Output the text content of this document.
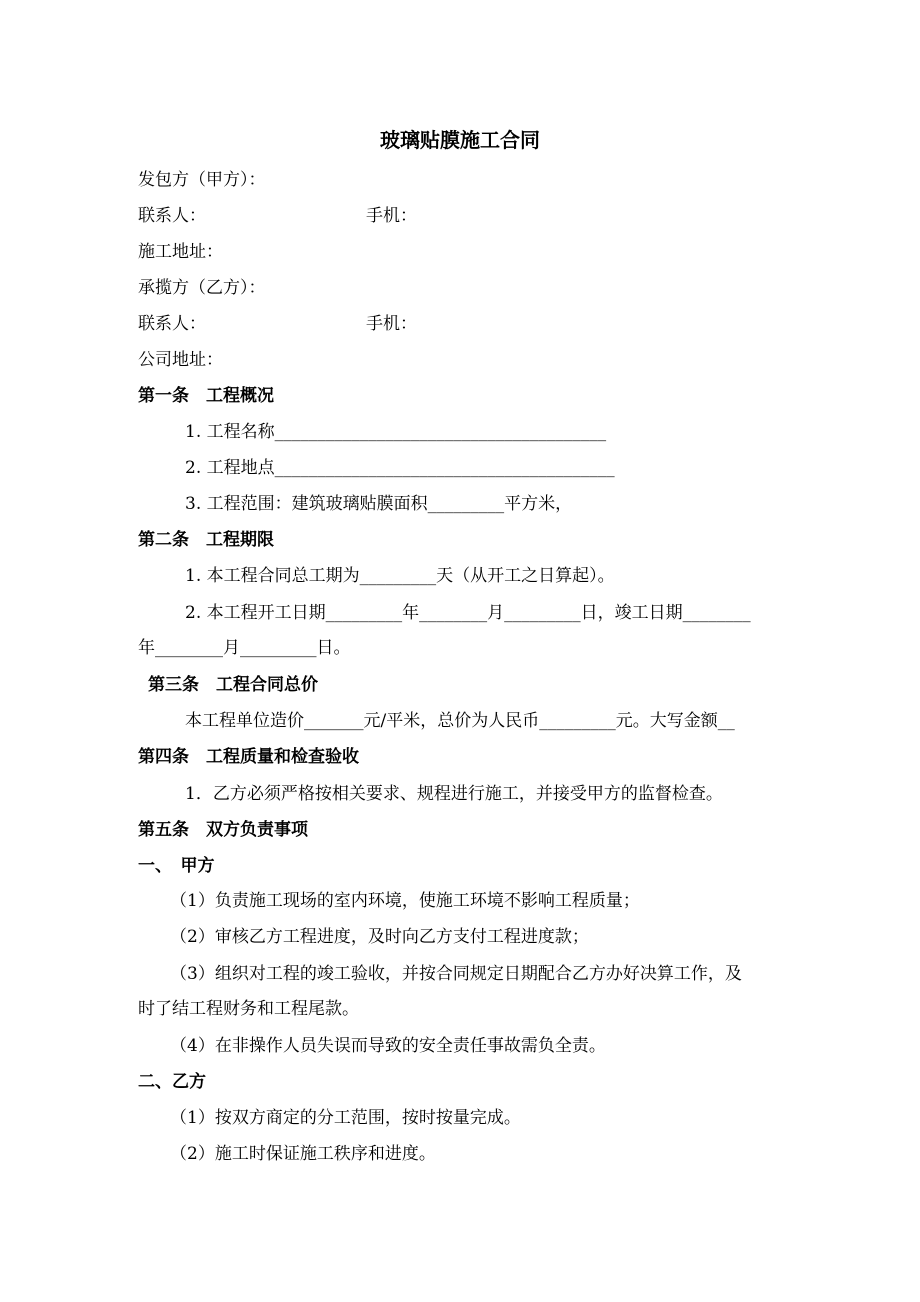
玻璃贴膜施工合同
发包方（甲方）：
联系人：	手机：
施工地址：
承揽方（乙方）：
联系人：	手机：
公司地址：
第一条　工程概况
1. 工程名称_______________________________________
2. 工程地点________________________________________
3. 工程范围：建筑玻璃贴膜面积_________平方米，
第二条　工程期限
1. 本工程合同总工期为_________天（从开工之日算起）。
2. 本工程开工日期_________年________月_________日，竣工日期________
年________月_________日。
第三条　工程合同总价
本工程单位造价_______元/平米，总价为人民币_________元。大写金额__
第四条　工程质量和检查验收
1．乙方必须严格按相关要求、规程进行施工，并接受甲方的监督检查。
第五条　双方负责事项
一、　甲方
（1）负责施工现场的室内环境，使施工环境不影响工程质量；
（2）审核乙方工程进度，及时向乙方支付工程进度款；
（3）组织对工程的竣工验收，并按合同规定日期配合乙方办好决算工作，及
时了结工程财务和工程尾款。
（4）在非操作人员失误而导致的安全责任事故需负全责。
二、乙方
（1）按双方商定的分工范围，按时按量完成。
（2）施工时保证施工秩序和进度。
